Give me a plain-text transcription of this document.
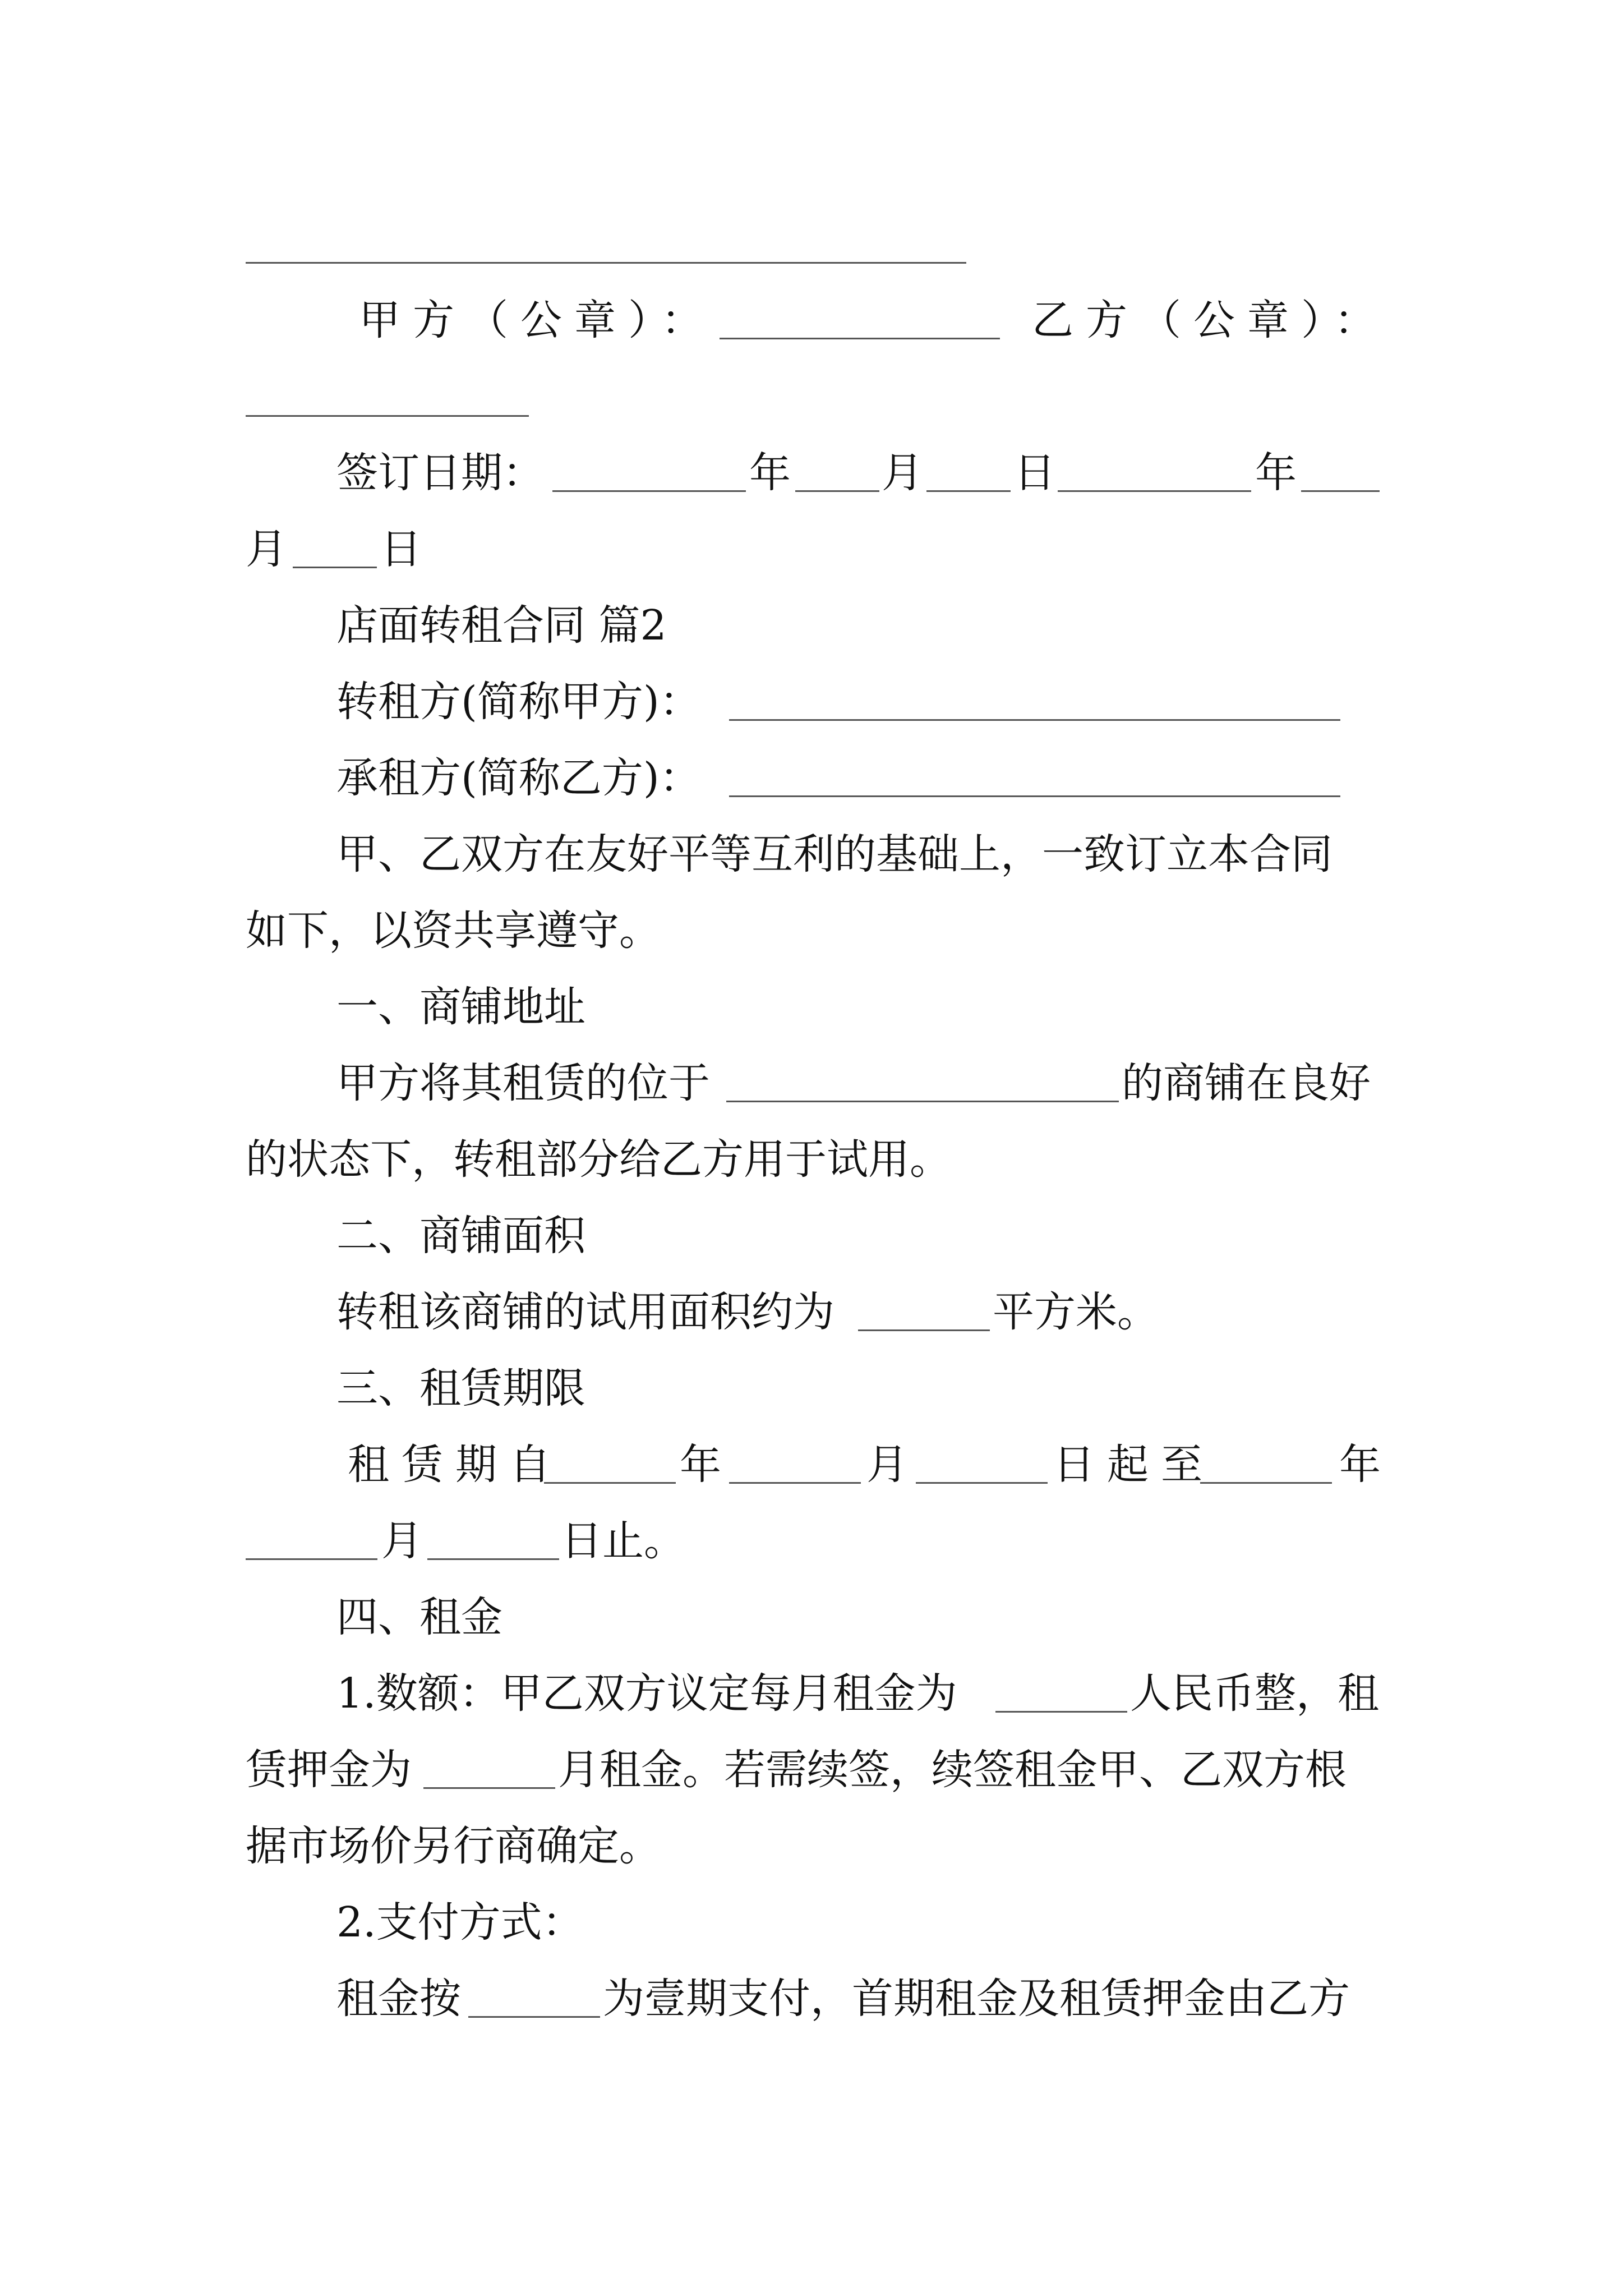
甲方（公章）：	乙方（公章）：
签订日期：	年 月 日	年
月 日
店面转租合同 篇2
转租方(简称甲方)：
承租方(简称乙方)：
甲、乙双方在友好平等互利的基础上，一致订立本合同
如下，以资共享遵守。
一、商铺地址
甲方将其租赁的位于	的商铺在良好
的状态下，转租部分给乙方用于试用。
二、商铺面积
转租该商铺的试用面积约为	平方米。
三、租赁期限
租赁期自	年	月	日起至	年
月	日止。
四、租金
1.数额：甲乙双方议定每月租金为	人民币整，租
赁押金为	月租金。若需续签，续签租金甲、乙双方根
据市场价另行商确定。
2.支付方式：
租金按	为壹期支付，首期租金及租赁押金由乙方
